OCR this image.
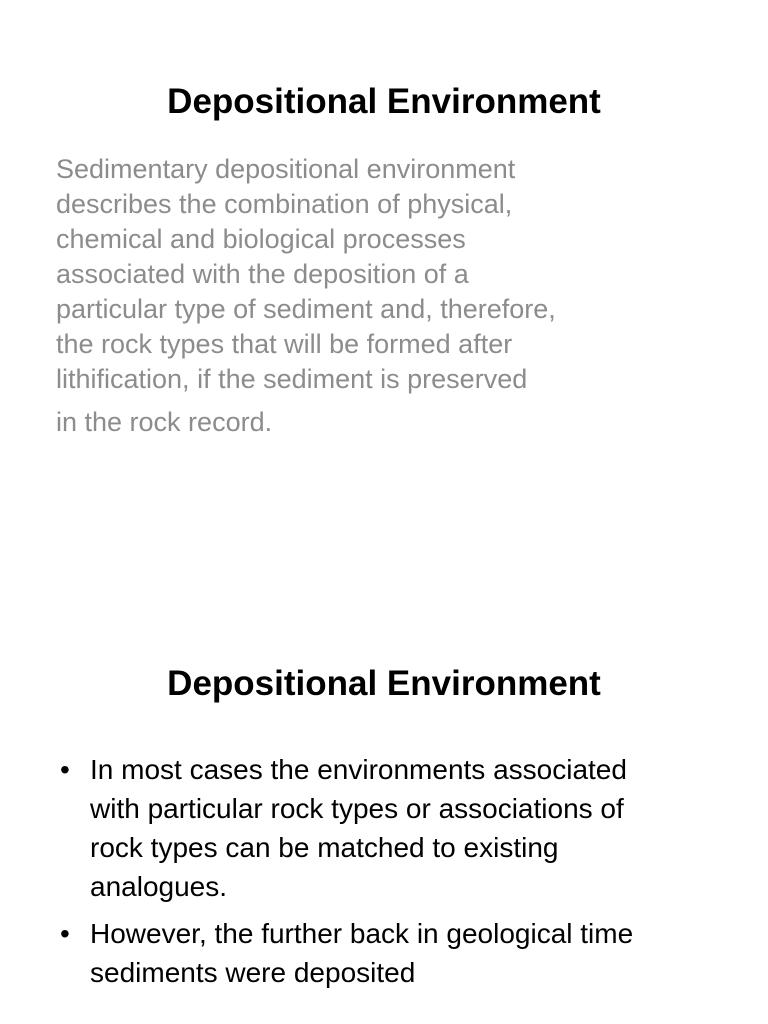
Depositional Environment

Sedimentary depositional environment
describes the combination of physical,
chemical and biological processes
associated with the deposition of a
particular type of sediment and, therefore,
the rock types that will be formed after
lithification, if the sediment is preserved
in the rock record.

Depositional Environment
• In most cases the environments associated
with particular rock types or associations of
rock types can be matched to existing
analogues.
• However, the further back in geological time
sediments were deposited
